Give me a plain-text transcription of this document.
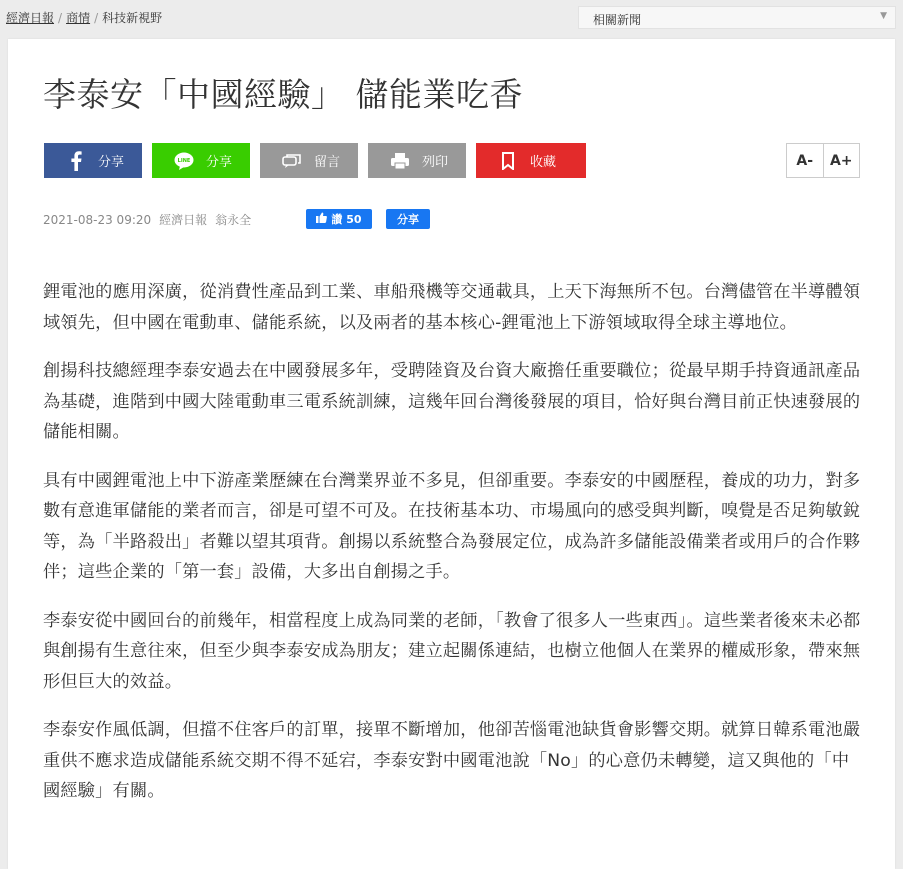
經濟日報 / 商情 / 科技新視野	相關新聞	▼
李泰安「中國經驗」 儲能業吃香
分享	LINE 分享	留言	列印	收藏	A-	A+
2021-08-23 09:20 經濟日報 翁永全	讚 50	分享

鋰電池的應用深廣，從消費性產品到工業、車船飛機等交通載具，上天下海無所不包。台灣儘管在半導體領域領先，但中國在電動車、儲能系統，以及兩者的基本核心-鋰電池上下游領域取得全球主導地位。

創揚科技總經理李泰安過去在中國發展多年，受聘陸資及台資大廠擔任重要職位；從最早期手持資通訊產品為基礎，進階到中國大陸電動車三電系統訓練，這幾年回台灣後發展的項目，恰好與台灣目前正快速發展的儲能相關。

具有中國鋰電池上中下游產業歷練在台灣業界並不多見，但卻重要。李泰安的中國歷程，養成的功力，對多數有意進軍儲能的業者而言，卻是可望不可及。在技術基本功、市場風向的感受與判斷，嗅覺是否足夠敏銳等，為「半路殺出」者難以望其項背。創揚以系統整合為發展定位，成為許多儲能設備業者或用戶的合作夥伴；這些企業的「第一套」設備，大多出自創揚之手。

李泰安從中國回台的前幾年，相當程度上成為同業的老師，「教會了很多人一些東西」。這些業者後來未必都與創揚有生意往來，但至少與李泰安成為朋友；建立起關係連結，也樹立他個人在業界的權威形象，帶來無形但巨大的效益。

李泰安作風低調，但擋不住客戶的訂單，接單不斷增加，他卻苦惱電池缺貨會影響交期。就算日韓系電池嚴重供不應求造成儲能系統交期不得不延宕，李泰安對中國電池說「No」的心意仍未轉變，這又與他的「中國經驗」有關。
